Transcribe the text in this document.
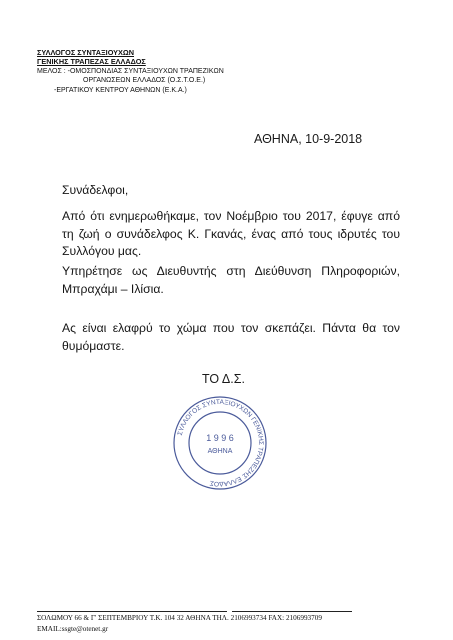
ΣΥΛΛΟΓΟΣ ΣΥΝΤΑΞΙΟΥΧΩΝ
ΓΕΝΙΚΗΣ ΤΡΑΠΕΖΑΣ ΕΛΛΑΔΟΣ
ΜΕΛΟΣ : -ΟΜΟΣΠΟΝΔΙΑΣ ΣΥΝΤΑΞΙΟΥΧΩΝ ΤΡΑΠΕΖΙΚΩΝ
ΟΡΓΑΝΩΣΕΩΝ ΕΛΛΑΔΟΣ (Ο.Σ.Τ.Ο.Ε.)
-ΕΡΓΑΤΙΚΟΥ ΚΕΝΤΡΟΥ ΑΘΗΝΩΝ (Ε.Κ.Α.)
ΑΘΗΝΑ, 10-9-2018
Συνάδελφοι,
Από ότι ενημερωθήκαμε, τον Νοέμβριο του 2017, έφυγε από τη ζωή ο συνάδελφος Κ. Γκανάς, ένας από τους ιδρυτές του Συλλόγου μας.
Υπηρέτησε ως Διευθυντής στη Διεύθυνση Πληροφοριών, Μπραχάμι – Ιλίσια.
Ας είναι ελαφρύ το χώμα που τον σκεπάζει. Πάντα θα τον θυμόμαστε.
ΤΟ Δ.Σ.
ΣΥΛΛΟΓΟΣ ΣΥΝΤΑΞΙΟΥΧΩΝ ΓΕΝΙΚΗΣ ΤΡΑΠΕΖΗΣ ΕΛΛΑΔΟΣ
1 9 9 6
ΑΘΗΝΑ
ΣΟΛΩΜΟΥ 66 & Γ' ΣΕΠΤΕΜΒΡΙΟΥ Τ.Κ. 104 32 ΑΘΗΝΑ ΤΗΛ. 2106993734 FAX: 2106993709
EMAIL:ssgte@otenet.gr
